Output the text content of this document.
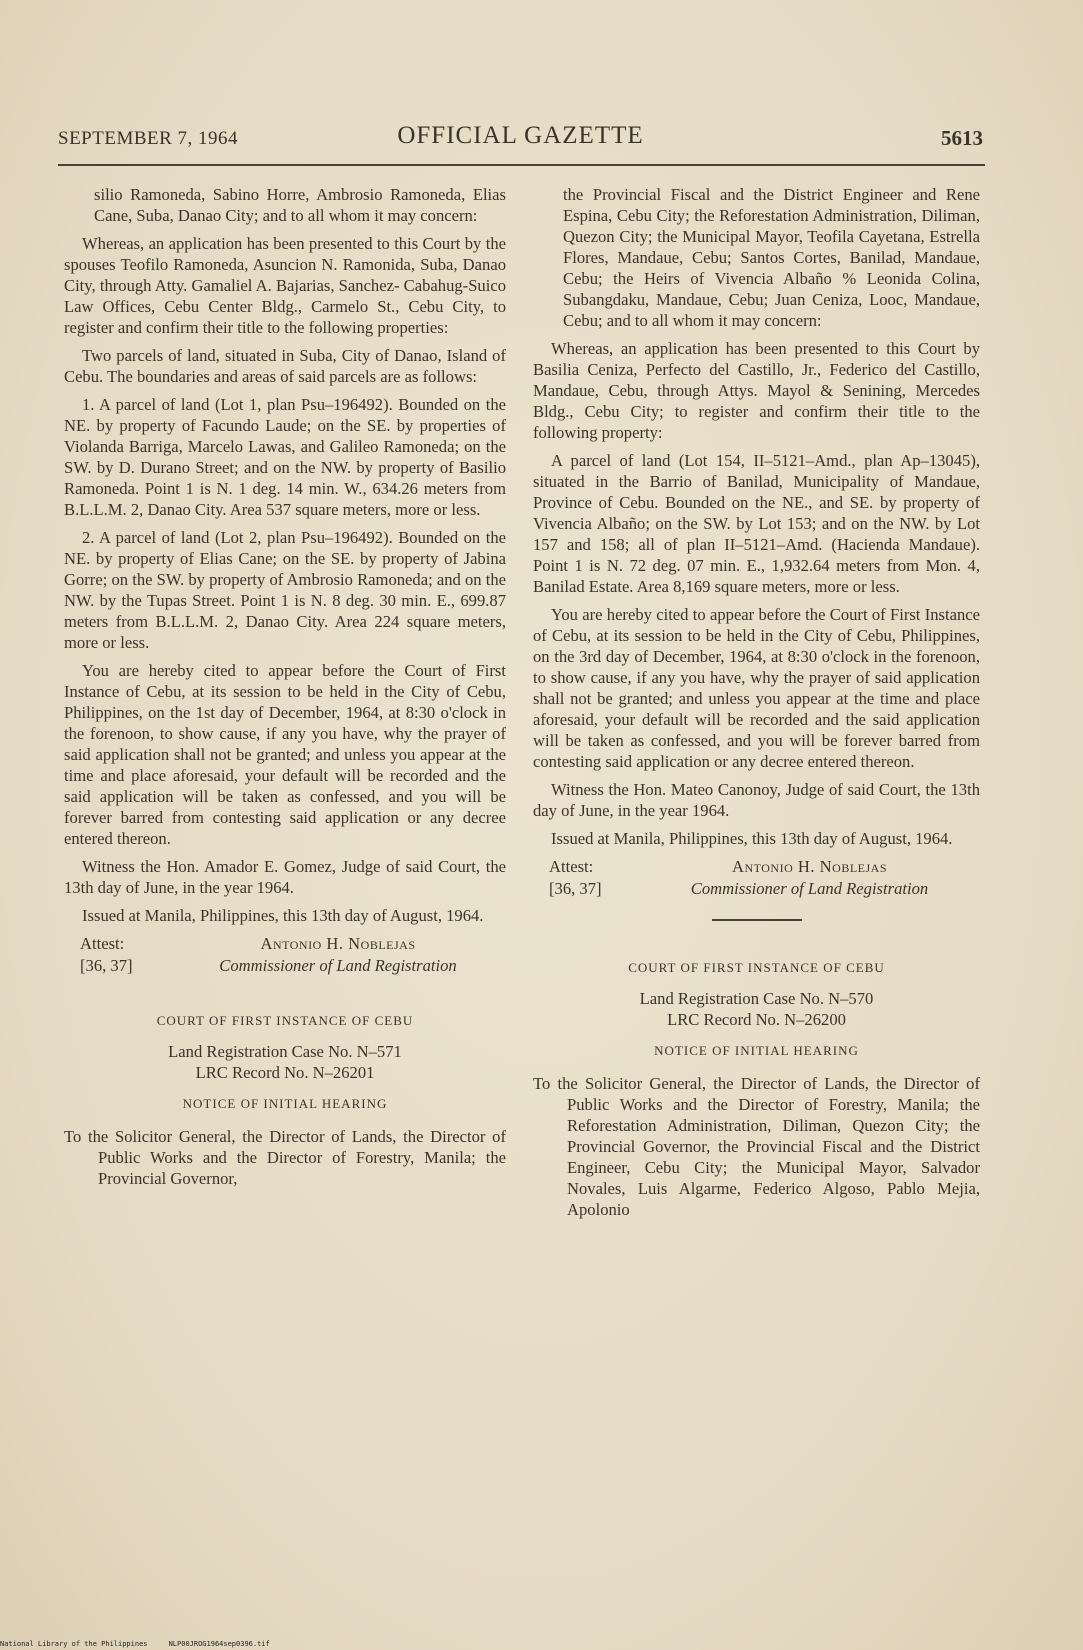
SEPTEMBER 7, 1964	OFFICIAL GAZETTE	5613

silio Ramoneda, Sabino Horre, Ambrosio Ramoneda, Elias Cane, Suba, Danao City; and to all whom it may concern:

Whereas, an application has been presented to this Court by the spouses Teofilo Ramoneda, Asuncion N. Ramonida, Suba, Danao City, through Atty. Gamaliel A. Bajarias, Sanchez- Cabahug-Suico Law Offices, Cebu Center Bldg., Carmelo St., Cebu City, to register and confirm their title to the following properties:

Two parcels of land, situated in Suba, City of Danao, Island of Cebu. The boundaries and areas of said parcels are as follows:

1. A parcel of land (Lot 1, plan Psu–196492). Bounded on the NE. by property of Facundo Laude; on the SE. by properties of Violanda Barriga, Marcelo Lawas, and Galileo Ramoneda; on the SW. by D. Durano Street; and on the NW. by property of Basilio Ramoneda. Point 1 is N. 1 deg. 14 min. W., 634.26 meters from B.L.L.M. 2, Danao City. Area 537 square meters, more or less.

2. A parcel of land (Lot 2, plan Psu–196492). Bounded on the NE. by property of Elias Cane; on the SE. by property of Jabina Gorre; on the SW. by property of Ambrosio Ramoneda; and on the NW. by the Tupas Street. Point 1 is N. 8 deg. 30 min. E., 699.87 meters from B.L.L.M. 2, Danao City. Area 224 square meters, more or less.

You are hereby cited to appear before the Court of First Instance of Cebu, at its session to be held in the City of Cebu, Philippines, on the 1st day of December, 1964, at 8:30 o'clock in the forenoon, to show cause, if any you have, why the prayer of said application shall not be granted; and unless you appear at the time and place aforesaid, your default will be recorded and the said application will be taken as confessed, and you will be forever barred from contesting said application or any decree entered thereon.

Witness the Hon. Amador E. Gomez, Judge of said Court, the 13th day of June, in the year 1964.

Issued at Manila, Philippines, this 13th day of August, 1964.

Attest:	Antonio H. Noblejas
[36, 37]	Commissioner of Land Registration
COURT OF FIRST INSTANCE OF CEBU
Land Registration Case No. N–571
LRC Record No. N–26201
NOTICE OF INITIAL HEARING

To the Solicitor General, the Director of Lands, the Director of Public Works and the Director of Forestry, Manila; the Provincial Governor,

the Provincial Fiscal and the District Engineer and Rene Espina, Cebu City; the Reforestation Administration, Diliman, Quezon City; the Municipal Mayor, Teofila Cayetana, Estrella Flores, Mandaue, Cebu; Santos Cortes, Banilad, Mandaue, Cebu; the Heirs of Vivencia Albaño % Leonida Colina, Subangdaku, Mandaue, Cebu; Juan Ceniza, Looc, Mandaue, Cebu; and to all whom it may concern:

Whereas, an application has been presented to this Court by Basilia Ceniza, Perfecto del Castillo, Jr., Federico del Castillo, Mandaue, Cebu, through Attys. Mayol & Senining, Mercedes Bldg., Cebu City; to register and confirm their title to the following property:

A parcel of land (Lot 154, II–5121–Amd., plan Ap–13045), situated in the Barrio of Banilad, Municipality of Mandaue, Province of Cebu. Bounded on the NE., and SE. by property of Vivencia Albaño; on the SW. by Lot 153; and on the NW. by Lot 157 and 158; all of plan II–5121–Amd. (Hacienda Mandaue). Point 1 is N. 72 deg. 07 min. E., 1,932.64 meters from Mon. 4, Banilad Estate. Area 8,169 square meters, more or less.

You are hereby cited to appear before the Court of First Instance of Cebu, at its session to be held in the City of Cebu, Philippines, on the 3rd day of December, 1964, at 8:30 o'clock in the forenoon, to show cause, if any you have, why the prayer of said application shall not be granted; and unless you appear at the time and place aforesaid, your default will be recorded and the said application will be taken as confessed, and you will be forever barred from contesting said application or any decree entered thereon.

Witness the Hon. Mateo Canonoy, Judge of said Court, the 13th day of June, in the year 1964.

Issued at Manila, Philippines, this 13th day of August, 1964.

Attest:	Antonio H. Noblejas
[36, 37]	Commissioner of Land Registration
COURT OF FIRST INSTANCE OF CEBU
Land Registration Case No. N–570
LRC Record No. N–26200
NOTICE OF INITIAL HEARING

To the Solicitor General, the Director of Lands, the Director of Public Works and the Director of Forestry, Manila; the Reforestation Administration, Diliman, Quezon City; the Provincial Governor, the Provincial Fiscal and the District Engineer, Cebu City; the Municipal Mayor, Salvador Novales, Luis Algarme, Federico Algoso, Pablo Mejia, Apolonio

National Library of the Philippines	NLP00JROG1964sep0396.tif
